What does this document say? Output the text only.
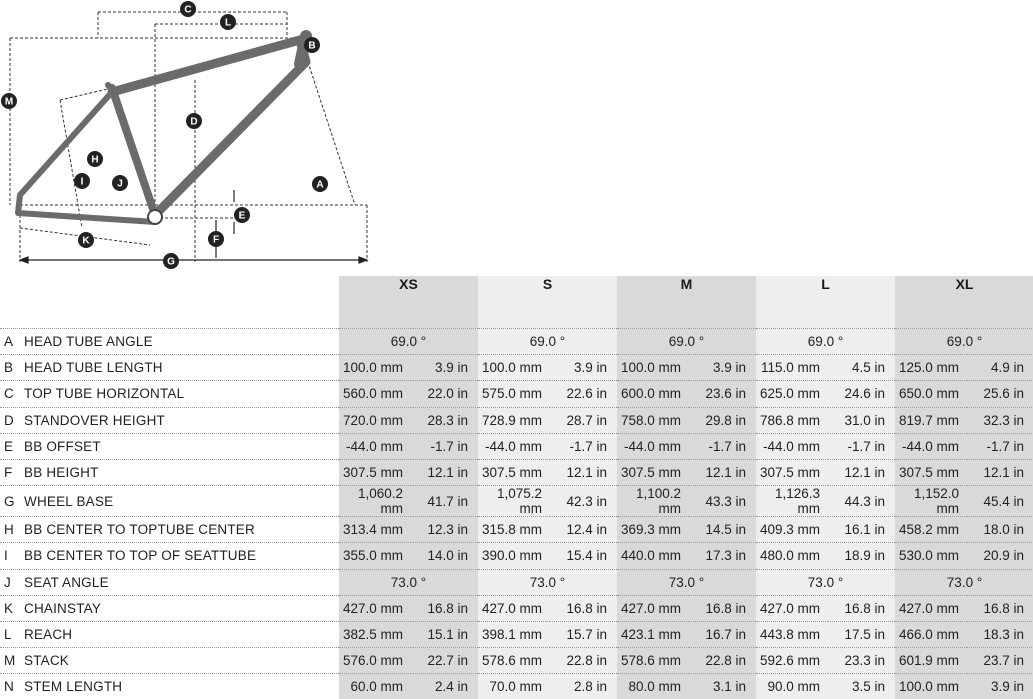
C
L
B
M
D
H
I	J	A
E
F
K
G
		XS		S		M		L		XL	
A	HEAD TUBE ANGLE	69.0 °		69.0 °		69.0 °		69.0 °		69.0 °	
B	HEAD TUBE LENGTH	100.0 mm	3.9 in	100.0 mm	3.9 in	100.0 mm	3.9 in	115.0 mm	4.5 in	125.0 mm	4.9 in
C	TOP TUBE HORIZONTAL	560.0 mm	22.0 in	575.0 mm	22.6 in	600.0 mm	23.6 in	625.0 mm	24.6 in	650.0 mm	25.6 in
D	STANDOVER HEIGHT	720.0 mm	28.3 in	728.9 mm	28.7 in	758.0 mm	29.8 in	786.8 mm	31.0 in	819.7 mm	32.3 in
E	BB OFFSET	-44.0 mm	-1.7 in	-44.0 mm	-1.7 in	-44.0 mm	-1.7 in	-44.0 mm	-1.7 in	-44.0 mm	-1.7 in
F	BB HEIGHT	307.5 mm	12.1 in	307.5 mm	12.1 in	307.5 mm	12.1 in	307.5 mm	12.1 in	307.5 mm	12.1 in
G	WHEEL BASE	1,060.2 mm	41.7 in	1,075.2 mm	42.3 in	1,100.2 mm	43.3 in	1,126.3 mm	44.3 in	1,152.0 mm	45.4 in
H	BB CENTER TO TOPTUBE CENTER	313.4 mm	12.3 in	315.8 mm	12.4 in	369.3 mm	14.5 in	409.3 mm	16.1 in	458.2 mm	18.0 in
I	BB CENTER TO TOP OF SEATTUBE	355.0 mm	14.0 in	390.0 mm	15.4 in	440.0 mm	17.3 in	480.0 mm	18.9 in	530.0 mm	20.9 in
J	SEAT ANGLE	73.0 °		73.0 °		73.0 °		73.0 °		73.0 °	
K	CHAINSTAY	427.0 mm	16.8 in	427.0 mm	16.8 in	427.0 mm	16.8 in	427.0 mm	16.8 in	427.0 mm	16.8 in
L	REACH	382.5 mm	15.1 in	398.1 mm	15.7 in	423.1 mm	16.7 in	443.8 mm	17.5 in	466.0 mm	18.3 in
M	STACK	576.0 mm	22.7 in	578.6 mm	22.8 in	578.6 mm	22.8 in	592.6 mm	23.3 in	601.9 mm	23.7 in
N	STEM LENGTH	60.0 mm	2.4 in	70.0 mm	2.8 in	80.0 mm	3.1 in	90.0 mm	3.5 in	100.0 mm	3.9 in
